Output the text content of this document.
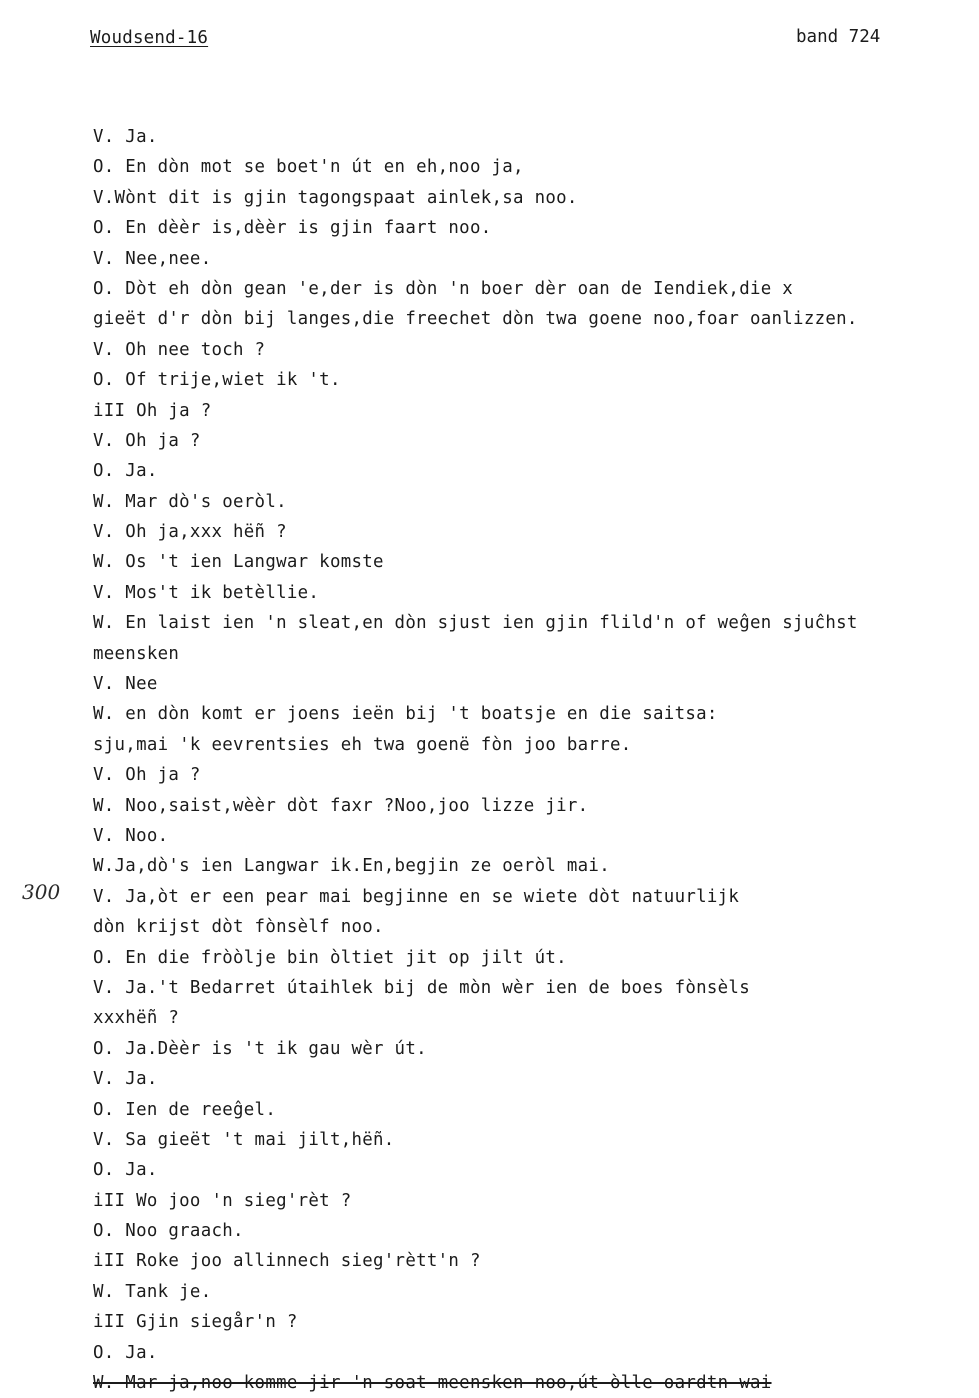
Woudsend-16	band 724
300
V. Ja.
O. En dòn mot se boet'n út en eh,noo ja,
V.Wònt dit is gjin tagongspaat ainlek,sa noo.
O. En dèèr is,dèèr is gjin faart noo.
V. Nee,nee.
O. Dòt eh dòn gean 'e,der is dòn 'n boer dèr oan de Iendiek,die x
gieët d'r dòn bij langes,die freechet dòn twa goene noo,foar oanlizzen.
V. Oh nee toch ?
O. Of trije,wiet ik 't.
iII Oh ja ?
V. Oh ja ?
O. Ja.
W. Mar dò's oeròl.
V. Oh ja,xxx hëñ ?
W. Os 't ien Langwar komste
V. Mos't ik betèllie.
W. En laist ien 'n sleat,en dòn sjust ien gjin flild'n of weĝen sjuĉhst
meensken
V. Nee
W. en dòn komt er joens ieën bij 't boatsje en die saitsa:
sju,mai 'k eevrentsies eh twa goenë fòn joo barre.
V. Oh ja ?
W. Noo,saist,wèèr dòt faxr ?Noo,joo lizze jir.
V. Noo.
W.Ja,dò's ien Langwar ik.En,begjin ze oeròl mai.
V. Ja,òt er een pear mai begjinne en se wiete dòt natuurlijk
dòn krijst dòt fònsèlf noo.
O. En die fròòlje bin òltiet jit op jilt út.
V. Ja.'t Bedarret útaihlek bij de mòn wèr ien de boes fònsèls
xxxhëñ ?
O. Ja.Dèèr is 't ik gau wèr út.
V. Ja.
O. Ien de reeĝel.
V. Sa gieët 't mai jilt,hëñ.
O. Ja.
iII Wo joo 'n sieg'rèt ?
O. Noo graach.
iII Roke joo allinnech sieg'rètt'n ?
W. Tank je.
iII Gjin siegår'n ?
O. Ja.
W. Mar ja,noo komme jir 'n soat meensken noo,út òlle oardtn wai
